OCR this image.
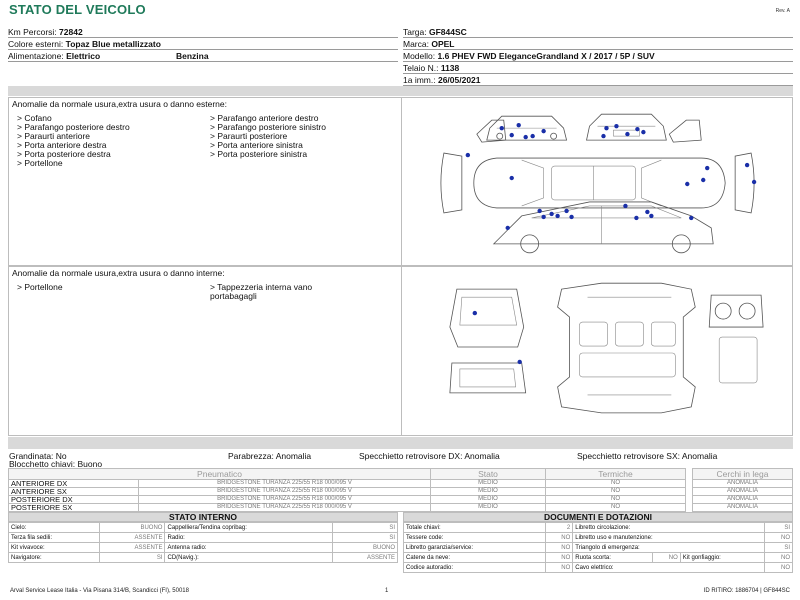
STATO DEL VEICOLO	Rev. A
Km Percorsi: 72842
Colore esterni: Topaz Blue metallizzato
Alimentazione: Elettrico	Benzina
Targa: GF844SC
Marca: OPEL
Modello: 1.6 PHEV FWD EleganceGrandland X / 2017 / 5P / SUV
Telaio N.: 1138
1a imm.: 26/05/2021
Anomalie da normale usura,extra usura o danno esterne:
> Cofano
> Parafango posteriore destro
> Paraurti anteriore
> Porta anteriore destra
> Porta posteriore destra
> Portellone
> Parafango anteriore destro
> Parafango posteriore sinistro
> Paraurti posteriore
> Porta anteriore sinistra
> Porta posteriore sinistra
Anomalie da normale usura,extra usura o danno interne:
> Portellone	> Tappezzeria interna vano
portabagagli
Grandinata: No	Parabrezza: Anomalia	Specchietto retrovisore DX: Anomalia	Specchietto retrovisore SX: Anomalia
Blocchetto chiavi: Buono
Pneumatico		Stato	Termiche		Cerchi in lega
ANTERIORE DX	BRIDGESTONE TURANZA 225/55 R18 000/095 V	MEDIO	NO		ANOMALIA
ANTERIORE SX	BRIDGESTONE TURANZA 225/55 R18 000/095 V	MEDIO	NO		ANOMALIA
POSTERIORE DX	BRIDGESTONE TURANZA 225/55 R18 000/095 V	MEDIO	NO		ANOMALIA
POSTERIORE SX	BRIDGESTONE TURANZA 225/55 R18 000/095 V	MEDIO	NO		ANOMALIA
STATO INTERNO
Cielo:	BUONO	Cappelliera/Tendina copribag:	SI
Terza fila sedili:	ASSENTE	Radio:	SI
Kit vivavoce:	ASSENTE	Antenna radio:	BUONO
Navigatore:	SI	CD(Navig.):	ASSENTE
DOCUMENTI E DOTAZIONI
Totale chiavi:	2	Libretto circolazione:			SI
Tessere code:	NO	Libretto uso e manutenzione:			NO
Libretto garanzia/service:	NO	Triangolo di emergenza:			SI
Catene da neve:	NO	Ruota scorta:	NO	Kit gonfiaggio:	NO
Codice autoradio:	NO	Cavo elettrico:			NO
Arval Service Lease Italia - Via Pisana 314/B, Scandicci (FI), 50018	1	ID RITIRO: 1886704 | GF844SC
